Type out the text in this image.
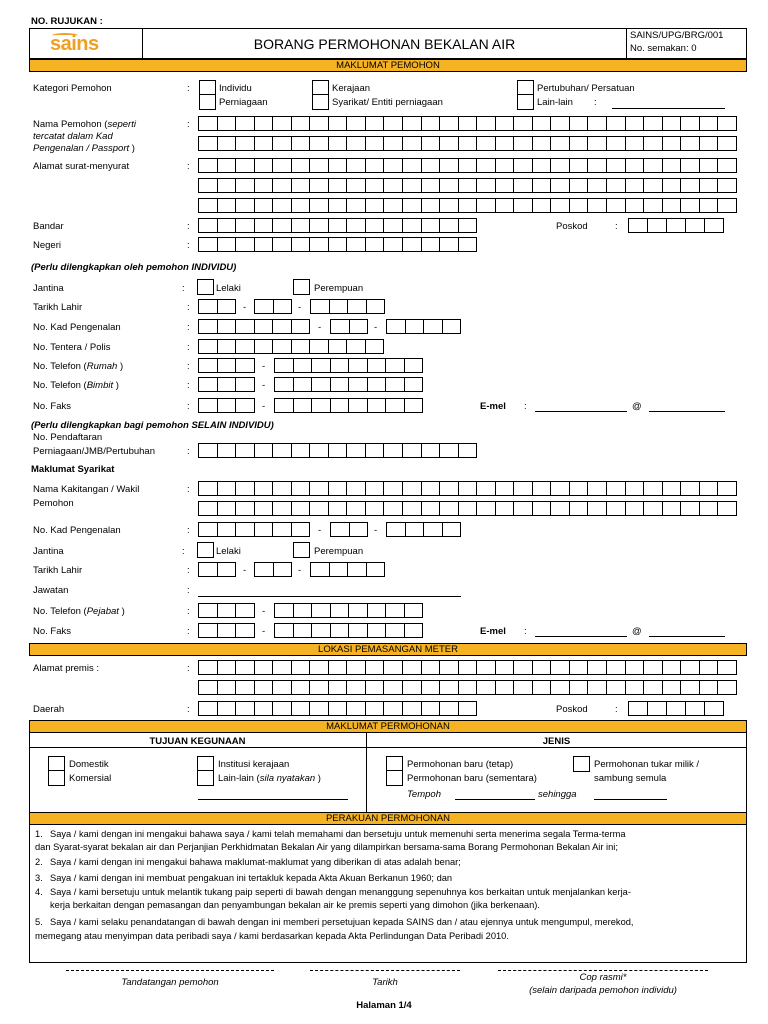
NO. RUJUKAN :
sains	BORANG PERMOHONAN BEKALAN AIR
SAINS/UPG/BRG/001
No. semakan: 0
MAKLUMAT PEMOHON
Kategori Pemohon	:	Individu
Perniagaan
Kerajaan
Syarikat/ Entiti perniagaan
Pertubuhan/ Persatuan
Lain-lain :
Nama Pemohon (seperti
tercatat dalam Kad
Pengenalan / Passport )
:
Alamat surat-menyurat	:
Bandar	:	Poskod	:
Negeri	:
(Perlu dilengkapkan oleh pemohon INDIVIDU)
Jantina	:	Lelaki	Perempuan
Tarikh Lahir	:	-	-
No. Kad Pengenalan	:	-	-
No. Tentera / Polis	:
No. Telefon (Rumah )	:	-
No. Telefon (Bimbit )	:	-
No. Faks	:	-	E-mel :	@
(Perlu dilengkapkan bagi pemohon SELAIN INDIVIDU)
No. Pendaftaran
Perniagaan/JMB/Pertubuhan	:
Maklumat Syarikat
Nama Kakitangan / Wakil
Pemohon
:
No. Kad Pengenalan	:	-	-
Jantina	:	Lelaki	Perempuan
Tarikh Lahir	:	-	-
Jawatan	:
No. Telefon (Pejabat )	:	-
No. Faks	:	-	E-mel :	@
LOKASI PEMASANGAN METER
Alamat premis :	:
Daerah	:	Poskod	:
MAKLUMAT PERMOHONAN
TUJUAN KEGUNAAN	JENIS
Domestik
Komersial
Institusi kerajaan
Lain-lain (sila nyatakan )
Permohonan baru (tetap)
Permohonan baru (sementara)
Permohonan tukar milik /
sambung semula
Tempoh	sehingga
PERAKUAN PERMOHONAN
1. Saya / kami dengan ini mengakui bahawa saya / kami telah memahami dan bersetuju untuk memenuhi serta menerima segala Terma-terma
dan Syarat-syarat bekalan air dan Perjanjian Perkhidmatan Bekalan Air yang dilampirkan bersama-sama Borang Permohonan Bekalan Air ini;
2. Saya / kami dengan ini mengakui bahawa maklumat-maklumat yang diberikan di atas adalah benar;
3. Saya / kami dengan ini membuat pengakuan ini tertakluk kepada Akta Akuan Berkanun 1960; dan
4. Saya / kami bersetuju untuk melantik tukang paip seperti di bawah dengan menanggung sepenuhnya kos berkaitan untuk menjalankan kerja-
kerja berkaitan dengan pemasangan dan penyambungan bekalan air ke premis seperti yang dimohon (jika berkenaan).
5. Saya / kami selaku penandatangan di bawah dengan ini memberi persetujuan kepada SAINS dan / atau ejennya untuk mengumpul, merekod,
memegang atau menyimpan data peribadi saya / kami berdasarkan kepada Akta Perlindungan Data Peribadi 2010.
Tandatangan pemohon	Tarikh	Cop rasmi*
(selain daripada pemohon individu)
Halaman 1/4
